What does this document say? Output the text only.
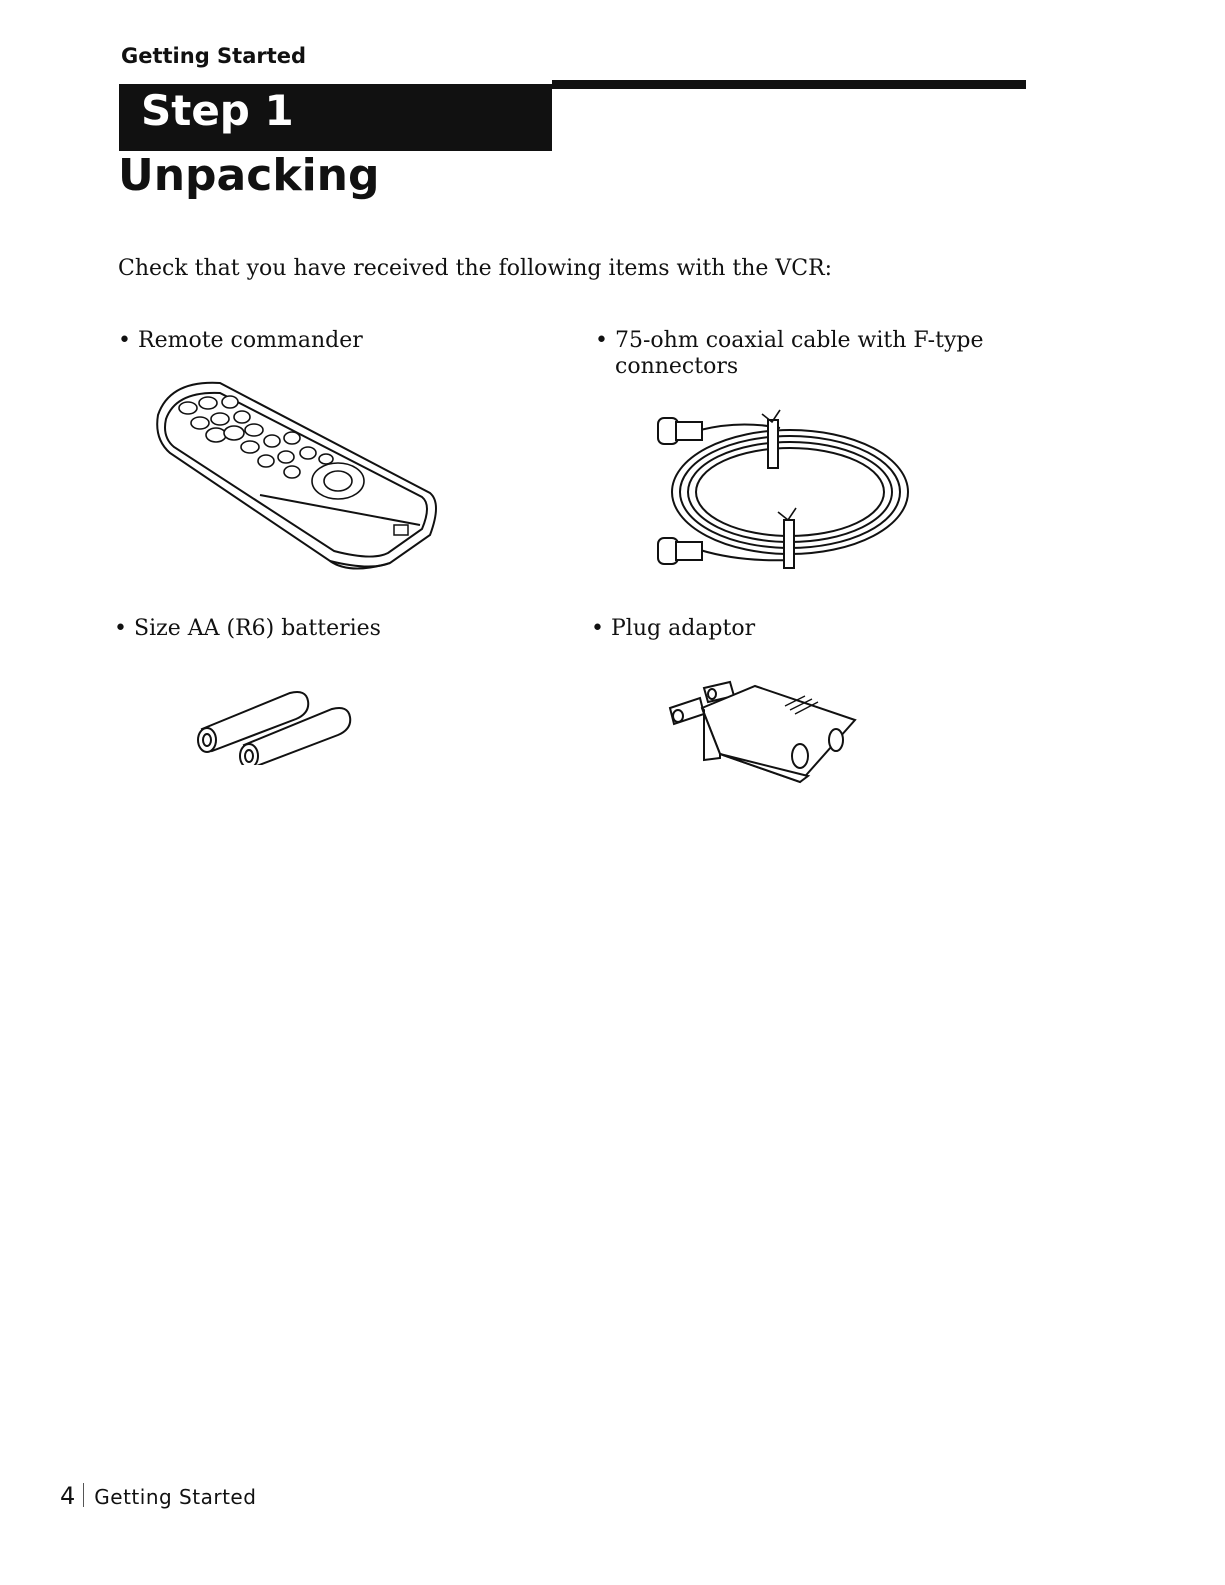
Getting Started
Step 1
Unpacking
Check that you have received the following items with the VCR:
• Remote commander	• 75-ohm coaxial cable with F-type connectors
• Size AA (R6) batteries	• Plug adaptor
4 Getting Started
